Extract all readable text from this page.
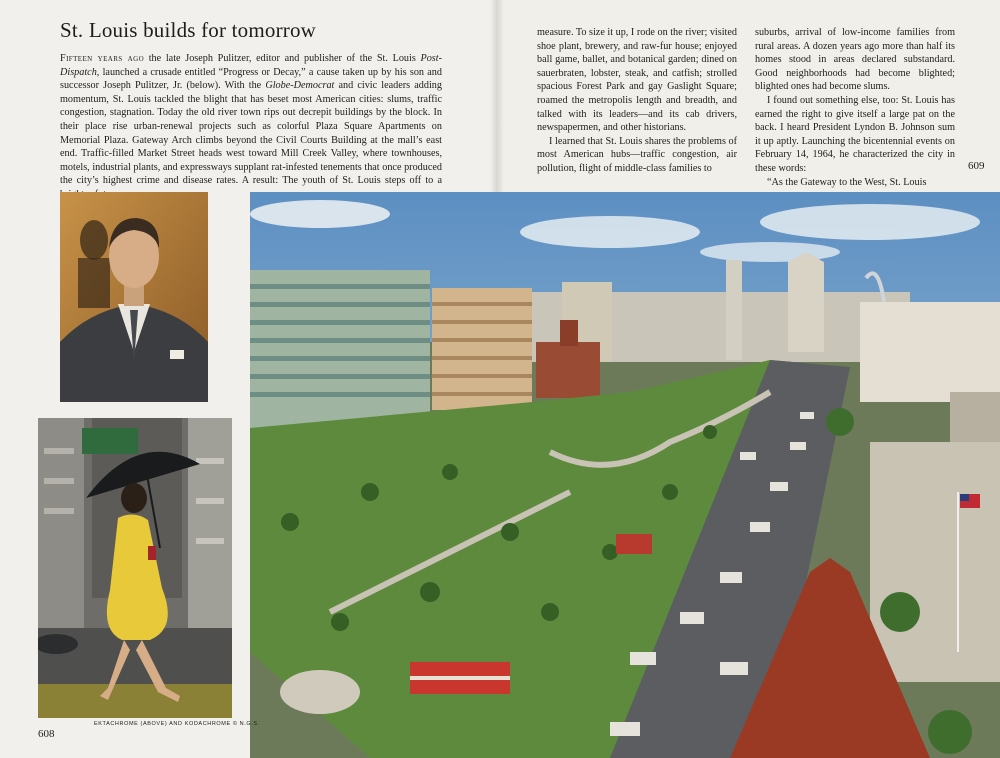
St. Louis builds for tomorrow

Fifteen years ago the late Joseph Pulitzer, editor and publisher of the St. Louis Post-Dispatch, launched a crusade entitled “Progress or Decay,” a cause taken up by his son and successor Joseph Pulitzer, Jr. (below). With the Globe-Democrat and civic leaders adding momentum, St. Louis tackled the blight that has beset most American cities: slums, traffic congestion, stagnation. Today the old river town rips out decrepit buildings by the block. In their place rise urban-renewal projects such as colorful Plaza Square Apartments on Memorial Plaza. Gateway Arch climbs beyond the Civil Courts Building at the mall’s east end. Traffic-filled Market Street heads west toward Mill Creek Valley, where townhouses, motels, industrial plants, and expressways supplant rat-infested tenements that once produced the city’s highest crime and disease rates. A result: The youth of St. Louis steps off to a

measure. To size it up, I rode on the river; visited shoe plant, brewery, and raw-fur house; enjoyed ball game, ballet, and botanical garden; dined on sauerbraten, lobster, steak, and catfish; strolled spacious Forest Park and gay Gaslight Square; roamed the metropolis length and breadth, and talked with its leaders—and its cab drivers, newspapermen, and other historians.

I learned that St. Louis shares the problems of most American hubs—traffic congestion, air pollution, flight of middle-class families to

suburbs, arrival of low-income families from rural areas. A dozen years ago more than half its homes stood in areas declared substandard. Good neighborhoods had become blighted; blighted ones had become slums.

I found out something else, too: St. Louis has earned the right to give itself a large pat on the back. I heard President Lyndon B. Johnson sum it up aptly. Launching the bicentennial events on February 14, 1964, he characterized the city in these words:

“As the Gateway to the West, St. Louis

608
609
EKTACHROME (ABOVE) AND KODACHROME © N.G.S.
